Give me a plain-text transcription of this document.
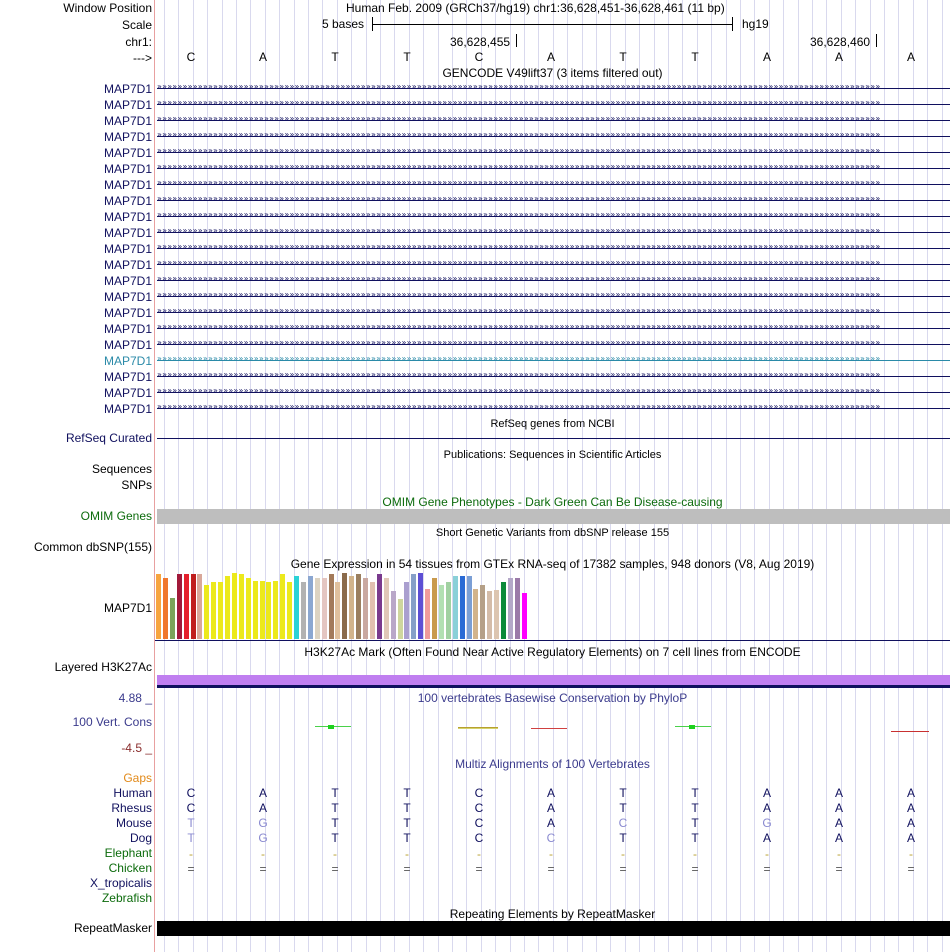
Window Position	Human Feb. 2009 (GRCh37/hg19) chr1:36,628,451-36,628,461 (11 bp)
Scale	5 bases	hg19
chr1:	36,628,455	36,628,460
--->	C	A	T	T	C	A	T	T	A	A	A
GENCODE V49lift37 (3 items filtered out)
MAP7D1 »»»»»»»»»»»»»»»»»»»»»»»»»»»»»»»»»»»»»»»»»»»»»»»»»»»»»»»»»»»»»»»»»»»»»»»»»»»»»»»»»»»»»»»»»»»»»»»»»»»»»»»»»»»»»»»»»»»»»»»»»»»»»»»»»»»»»»»»»»»»»»
MAP7D1 »»»»»»»»»»»»»»»»»»»»»»»»»»»»»»»»»»»»»»»»»»»»»»»»»»»»»»»»»»»»»»»»»»»»»»»»»»»»»»»»»»»»»»»»»»»»»»»»»»»»»»»»»»»»»»»»»»»»»»»»»»»»»»»»»»»»»»»»»»»»»»
MAP7D1 »»»»»»»»»»»»»»»»»»»»»»»»»»»»»»»»»»»»»»»»»»»»»»»»»»»»»»»»»»»»»»»»»»»»»»»»»»»»»»»»»»»»»»»»»»»»»»»»»»»»»»»»»»»»»»»»»»»»»»»»»»»»»»»»»»»»»»»»»»»»»»
MAP7D1 »»»»»»»»»»»»»»»»»»»»»»»»»»»»»»»»»»»»»»»»»»»»»»»»»»»»»»»»»»»»»»»»»»»»»»»»»»»»»»»»»»»»»»»»»»»»»»»»»»»»»»»»»»»»»»»»»»»»»»»»»»»»»»»»»»»»»»»»»»»»»»
MAP7D1 »»»»»»»»»»»»»»»»»»»»»»»»»»»»»»»»»»»»»»»»»»»»»»»»»»»»»»»»»»»»»»»»»»»»»»»»»»»»»»»»»»»»»»»»»»»»»»»»»»»»»»»»»»»»»»»»»»»»»»»»»»»»»»»»»»»»»»»»»»»»»»
MAP7D1 »»»»»»»»»»»»»»»»»»»»»»»»»»»»»»»»»»»»»»»»»»»»»»»»»»»»»»»»»»»»»»»»»»»»»»»»»»»»»»»»»»»»»»»»»»»»»»»»»»»»»»»»»»»»»»»»»»»»»»»»»»»»»»»»»»»»»»»»»»»»»»
MAP7D1 »»»»»»»»»»»»»»»»»»»»»»»»»»»»»»»»»»»»»»»»»»»»»»»»»»»»»»»»»»»»»»»»»»»»»»»»»»»»»»»»»»»»»»»»»»»»»»»»»»»»»»»»»»»»»»»»»»»»»»»»»»»»»»»»»»»»»»»»»»»»»»
MAP7D1 »»»»»»»»»»»»»»»»»»»»»»»»»»»»»»»»»»»»»»»»»»»»»»»»»»»»»»»»»»»»»»»»»»»»»»»»»»»»»»»»»»»»»»»»»»»»»»»»»»»»»»»»»»»»»»»»»»»»»»»»»»»»»»»»»»»»»»»»»»»»»»
MAP7D1 »»»»»»»»»»»»»»»»»»»»»»»»»»»»»»»»»»»»»»»»»»»»»»»»»»»»»»»»»»»»»»»»»»»»»»»»»»»»»»»»»»»»»»»»»»»»»»»»»»»»»»»»»»»»»»»»»»»»»»»»»»»»»»»»»»»»»»»»»»»»»»
MAP7D1 »»»»»»»»»»»»»»»»»»»»»»»»»»»»»»»»»»»»»»»»»»»»»»»»»»»»»»»»»»»»»»»»»»»»»»»»»»»»»»»»»»»»»»»»»»»»»»»»»»»»»»»»»»»»»»»»»»»»»»»»»»»»»»»»»»»»»»»»»»»»»»
MAP7D1 »»»»»»»»»»»»»»»»»»»»»»»»»»»»»»»»»»»»»»»»»»»»»»»»»»»»»»»»»»»»»»»»»»»»»»»»»»»»»»»»»»»»»»»»»»»»»»»»»»»»»»»»»»»»»»»»»»»»»»»»»»»»»»»»»»»»»»»»»»»»»»
MAP7D1 »»»»»»»»»»»»»»»»»»»»»»»»»»»»»»»»»»»»»»»»»»»»»»»»»»»»»»»»»»»»»»»»»»»»»»»»»»»»»»»»»»»»»»»»»»»»»»»»»»»»»»»»»»»»»»»»»»»»»»»»»»»»»»»»»»»»»»»»»»»»»»
MAP7D1 »»»»»»»»»»»»»»»»»»»»»»»»»»»»»»»»»»»»»»»»»»»»»»»»»»»»»»»»»»»»»»»»»»»»»»»»»»»»»»»»»»»»»»»»»»»»»»»»»»»»»»»»»»»»»»»»»»»»»»»»»»»»»»»»»»»»»»»»»»»»»»
MAP7D1 »»»»»»»»»»»»»»»»»»»»»»»»»»»»»»»»»»»»»»»»»»»»»»»»»»»»»»»»»»»»»»»»»»»»»»»»»»»»»»»»»»»»»»»»»»»»»»»»»»»»»»»»»»»»»»»»»»»»»»»»»»»»»»»»»»»»»»»»»»»»»»
MAP7D1 »»»»»»»»»»»»»»»»»»»»»»»»»»»»»»»»»»»»»»»»»»»»»»»»»»»»»»»»»»»»»»»»»»»»»»»»»»»»»»»»»»»»»»»»»»»»»»»»»»»»»»»»»»»»»»»»»»»»»»»»»»»»»»»»»»»»»»»»»»»»»»
MAP7D1 »»»»»»»»»»»»»»»»»»»»»»»»»»»»»»»»»»»»»»»»»»»»»»»»»»»»»»»»»»»»»»»»»»»»»»»»»»»»»»»»»»»»»»»»»»»»»»»»»»»»»»»»»»»»»»»»»»»»»»»»»»»»»»»»»»»»»»»»»»»»»»
MAP7D1 »»»»»»»»»»»»»»»»»»»»»»»»»»»»»»»»»»»»»»»»»»»»»»»»»»»»»»»»»»»»»»»»»»»»»»»»»»»»»»»»»»»»»»»»»»»»»»»»»»»»»»»»»»»»»»»»»»»»»»»»»»»»»»»»»»»»»»»»»»»»»»
MAP7D1 »»»»»»»»»»»»»»»»»»»»»»»»»»»»»»»»»»»»»»»»»»»»»»»»»»»»»»»»»»»»»»»»»»»»»»»»»»»»»»»»»»»»»»»»»»»»»»»»»»»»»»»»»»»»»»»»»»»»»»»»»»»»»»»»»»»»»»»»»»»»»»
MAP7D1 »»»»»»»»»»»»»»»»»»»»»»»»»»»»»»»»»»»»»»»»»»»»»»»»»»»»»»»»»»»»»»»»»»»»»»»»»»»»»»»»»»»»»»»»»»»»»»»»»»»»»»»»»»»»»»»»»»»»»»»»»»»»»»»»»»»»»»»»»»»»»»
MAP7D1 »»»»»»»»»»»»»»»»»»»»»»»»»»»»»»»»»»»»»»»»»»»»»»»»»»»»»»»»»»»»»»»»»»»»»»»»»»»»»»»»»»»»»»»»»»»»»»»»»»»»»»»»»»»»»»»»»»»»»»»»»»»»»»»»»»»»»»»»»»»»»»
MAP7D1 »»»»»»»»»»»»»»»»»»»»»»»»»»»»»»»»»»»»»»»»»»»»»»»»»»»»»»»»»»»»»»»»»»»»»»»»»»»»»»»»»»»»»»»»»»»»»»»»»»»»»»»»»»»»»»»»»»»»»»»»»»»»»»»»»»»»»»»»»»»»»»
RefSeq genes from NCBI
RefSeq Curated
Publications: Sequences in Scientific Articles
Sequences
SNPs
OMIM Gene Phenotypes - Dark Green Can Be Disease-causing
OMIM Genes
Short Genetic Variants from dbSNP release 155
Common dbSNP(155)
Gene Expression in 54 tissues from GTEx RNA-seq of 17382 samples, 948 donors (V8, Aug 2019)
MAP7D1
H3K27Ac Mark (Often Found Near Active Regulatory Elements) on 7 cell lines from ENCODE
Layered H3K27Ac
4.88 _	100 vertebrates Basewise Conservation by PhyloP
100 Vert. Cons
-4.5 _
Multiz Alignments of 100 Vertebrates
Gaps
Human	C	A	T	T	C	A	T	T	A	A	A
Rhesus	C	A	T	T	C	A	T	T	A	A	A
Mouse	T	G	T	T	C	A	C	T	G	A	A
Dog	T	G	T	T	C	C	T	T	A	A	A
Elephant	-	-	-	-	-	-	-	-	-	-	-
Chicken	=	=	=	=	=	=	=	=	=	=	=
X_tropicalis
Zebrafish
Repeating Elements by RepeatMasker
RepeatMasker
